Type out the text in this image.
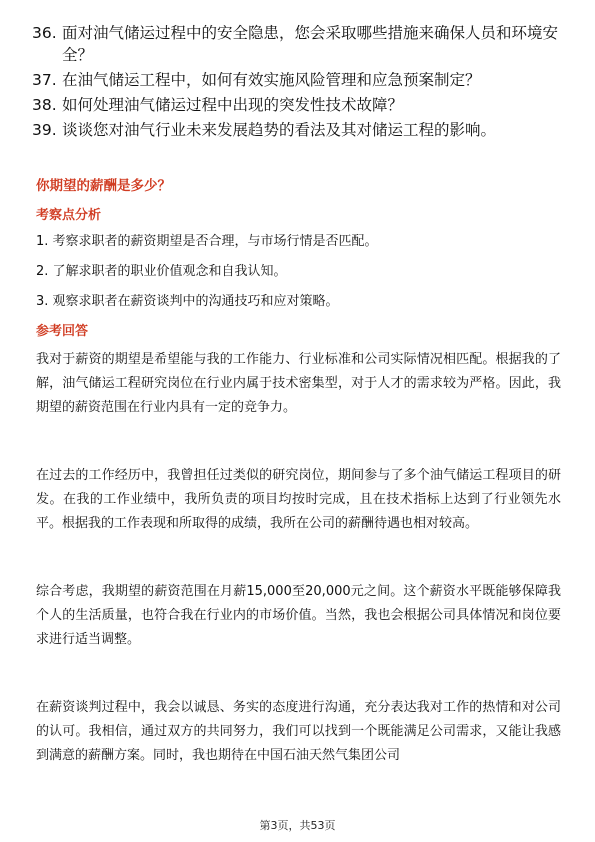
36. 面对油气储运过程中的安全隐患，您会采取哪些措施来确保人员和环境安全？
37. 在油气储运工程中，如何有效实施风险管理和应急预案制定？
38. 如何处理油气储运过程中出现的突发性技术故障？
39. 谈谈您对油气行业未来发展趋势的看法及其对储运工程的影响。
你期望的薪酬是多少？
考察点分析
1. 考察求职者的薪资期望是否合理，与市场行情是否匹配。
2. 了解求职者的职业价值观念和自我认知。
3. 观察求职者在薪资谈判中的沟通技巧和应对策略。
参考回答

我对于薪资的期望是希望能与我的工作能力、行业标准和公司实际情况相匹配。根据我的了解，油气储运工程研究岗位在行业内属于技术密集型，对于人才的需求较为严格。因此，我期望的薪资范围在行业内具有一定的竞争力。

在过去的工作经历中，我曾担任过类似的研究岗位，期间参与了多个油气储运工程项目的研发。在我的工作业绩中，我所负责的项目均按时完成，且在技术指标上达到了行业领先水平。根据我的工作表现和所取得的成绩，我所在公司的薪酬待遇也相对较高。

综合考虑，我期望的薪资范围在月薪15,000至20,000元之间。这个薪资水平既能够保障我个人的生活质量，也符合我在行业内的市场价值。当然，我也会根据公司具体情况和岗位要求进行适当调整。

在薪资谈判过程中，我会以诚恳、务实的态度进行沟通，充分表达我对工作的热情和对公司的认可。我相信，通过双方的共同努力，我们可以找到一个既能满足公司需求，又能让我感到满意的薪酬方案。同时，我也期待在中国石油天然气集团公司

第3页，共53页
